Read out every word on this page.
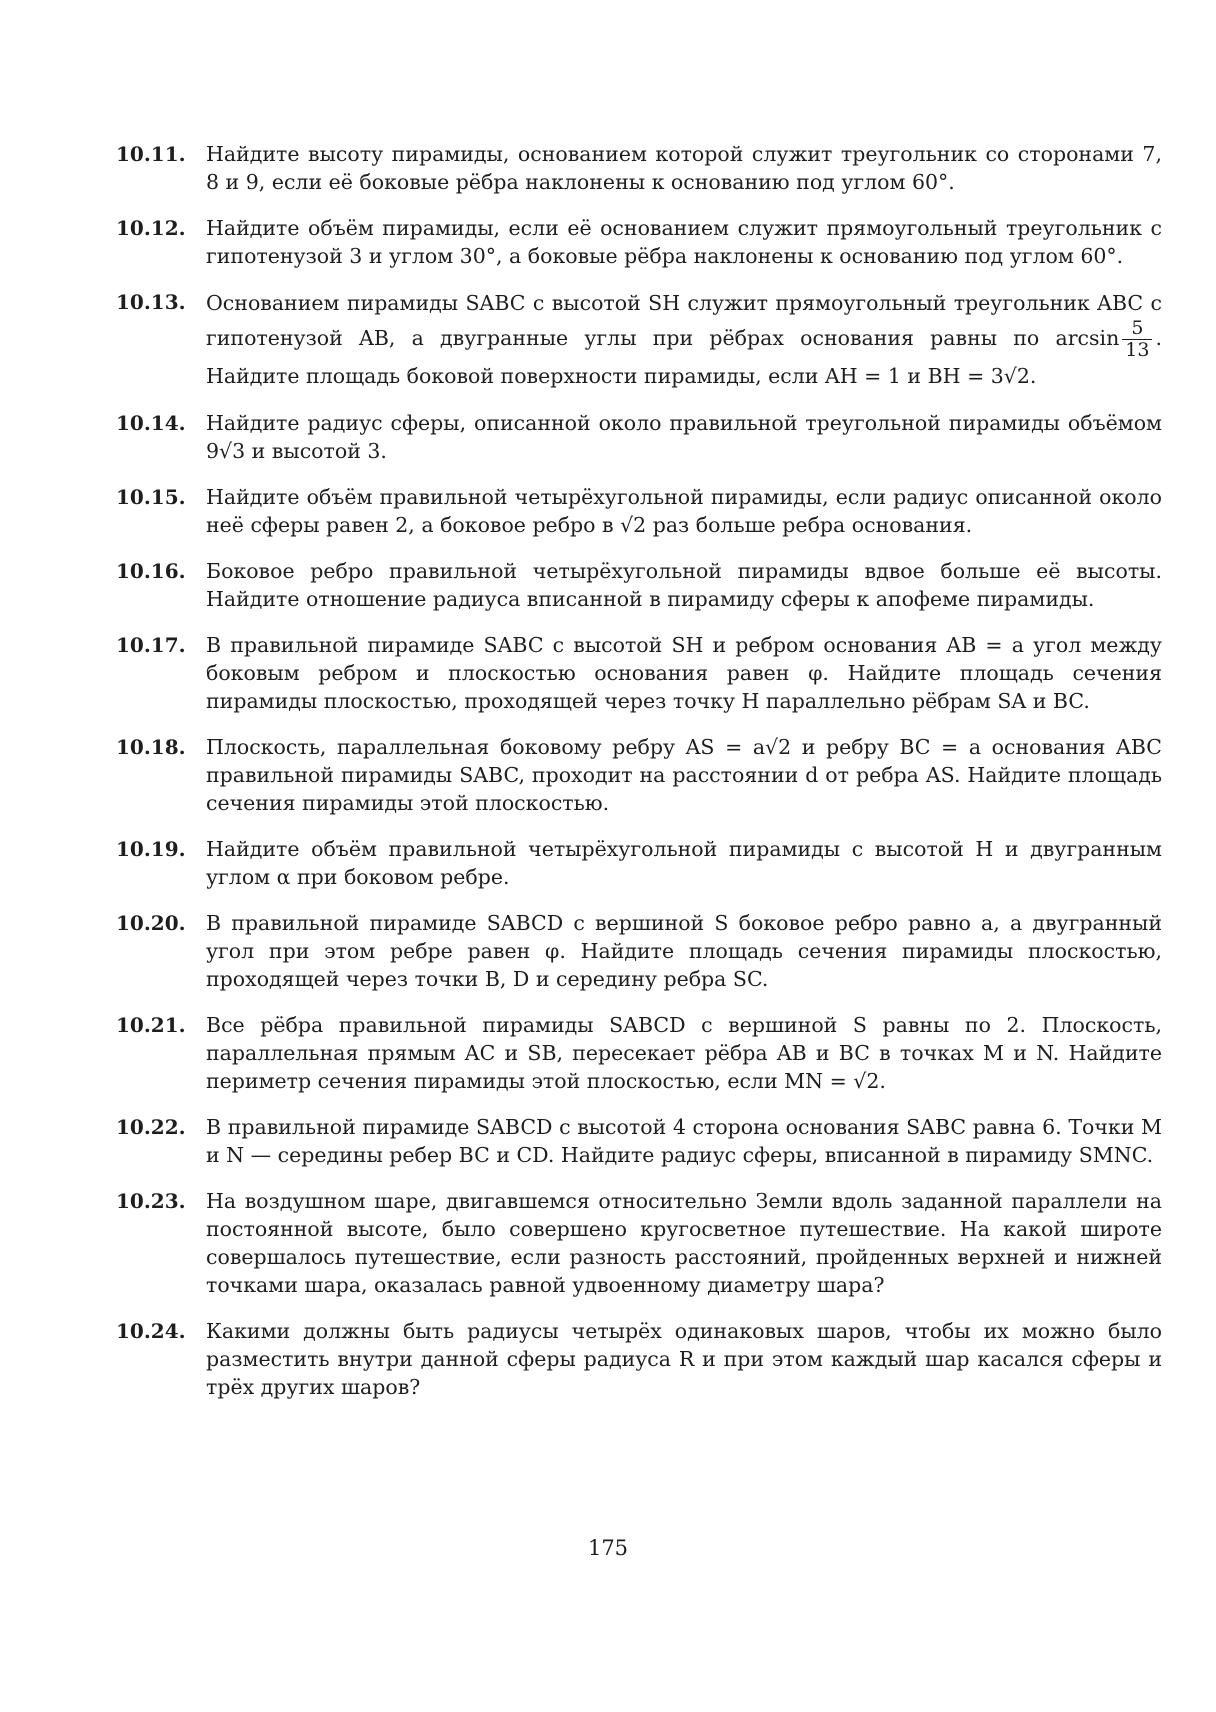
10.11. Найдите высоту пирамиды, основанием которой служит треугольник со сторонами 7, 8 и 9, если её боковые рёбра наклонены к основанию под углом 60°.

10.12. Найдите объём пирамиды, если её основанием служит прямоугольный треугольник с гипотенузой 3 и углом 30°, а боковые рёбра наклонены к основанию под углом 60°.

10.13. Основанием пирамиды SABC с высотой SH служит прямоугольный треугольник ABC с гипотенузой AB, а двугранные углы при рёбрах основания равны по $\arcsin \frac{5}{13}$ . Найдите площадь боковой поверхности пирамиды, если AH = 1 и BH = 3√2.

10.14. Найдите радиус сферы, описанной около правильной треугольной пирамиды объёмом 9√3 и высотой 3.

10.15. Найдите объём правильной четырёхугольной пирамиды, если радиус описанной около неё сферы равен 2, а боковое ребро в √2 раз больше ребра основания.

10.16. Боковое ребро правильной четырёхугольной пирамиды вдвое больше её высоты. Найдите отношение радиуса вписанной в пирамиду сферы к апофеме пирамиды.

10.17. В правильной пирамиде SABC с высотой SH и ребром основания AB = a угол между боковым ребром и плоскостью основания равен φ. Найдите площадь сечения пирамиды плоскостью, проходящей через точку H параллельно рёбрам SA и BC.

10.18. Плоскость, параллельная боковому ребру AS = a√2 и ребру BC = a основания ABC правильной пирамиды SABC, проходит на расстоянии d от ребра AS. Найдите площадь сечения пирамиды этой плоскостью.

10.19. Найдите объём правильной четырёхугольной пирамиды с высотой H и двугранным углом α при боковом ребре.

10.20. В правильной пирамиде SABCD с вершиной S боковое ребро равно a, а двугранный угол при этом ребре равен φ. Найдите площадь сечения пирамиды плоскостью, проходящей через точки B, D и середину ребра SC.

10.21. Все рёбра правильной пирамиды SABCD с вершиной S равны по 2. Плоскость, параллельная прямым AC и SB, пересекает рёбра AB и BC в точках M и N. Найдите периметр сечения пирамиды этой плоскостью, если MN = √2.

10.22. В правильной пирамиде SABCD с высотой 4 сторона основания SABC равна 6. Точки M и N — середины ребер BC и CD. Найдите радиус сферы, вписанной в пирамиду SMNC.

10.23. На воздушном шаре, двигавшемся относительно Земли вдоль заданной параллели на постоянной высоте, было совершено кругосветное путешествие. На какой широте совершалось путешествие, если разность расстояний, пройденных верхней и нижней точками шара, оказалась равной удвоенному диаметру шара?

10.24. Какими должны быть радиусы четырёх одинаковых шаров, чтобы их можно было разместить внутри данной сферы радиуса R и при этом каждый шар касался сферы и трёх других шаров?

175
